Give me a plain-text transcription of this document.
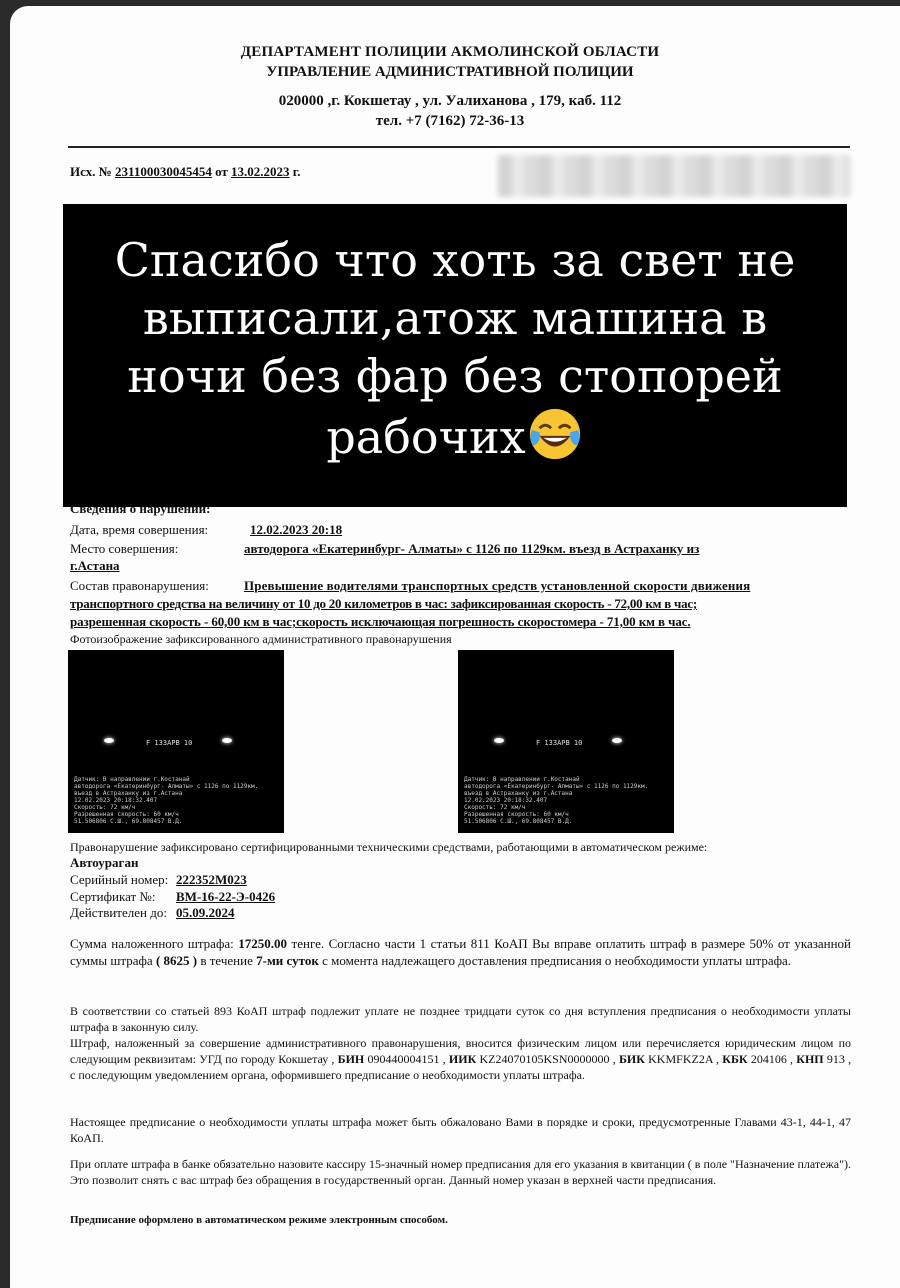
ДЕПАРТАМЕНТ ПОЛИЦИИ АКМОЛИНСКОЙ ОБЛАСТИ
УПРАВЛЕНИЕ АДМИНИСТРАТИВНОЙ ПОЛИЦИИ
020000 ,г. Кокшетау , ул. Уалиханова , 179, каб. 112
тел. +7 (7162) 72-36-13
Исх. № 231100030045454 от 13.02.2023 г.
Спасибо что хоть за свет не
выписали,атож машина в
ночи без фар без стопорей
рабочих
Сведения о нарушении:
Дата, время совершения:	12.02.2023 20:18
Место совершения:	автодорога «Екатеринбург- Алматы» с 1126 по 1129км. въезд в Астраханку из
г.Астана
Состав правонарушения:	Превышение водителями транспортных средств установленной скорости движения
транспортного средства на величину от 10 до 20 километров в час: зафиксированная скорость - 72,00 км в час;
разрешенная скорость - 60,00 км в час;скорость исключающая погрешность скоростомера - 71,00 км в час.
Фотоизображение зафиксированного административного правонарушения
F 133APB 10
Датчик: В направлении г.Костанай
автодорога «Екатеринбург- Алматы» с 1126 по 1129км.
въезд в Астраханку из г.Астана
12.02.2023 20:18:32.407
Скорость: 72 км/ч
Разрешенная скорость: 60 км/ч
51.506806 С.Ш., 69.808457 В.Д.
F 133APB 10
Датчик: В направлении г.Костанай
автодорога «Екатеринбург- Алматы» с 1126 по 1129км.
въезд в Астраханку из г.Астана
12.02.2023 20:18:32.407
Скорость: 72 км/ч
Разрешенная скорость: 60 км/ч
51.506806 С.Ш., 69.808457 В.Д.
Правонарушение зафиксировано сертифицированными техническими средствами, работающими в автоматическом режиме:
Автоураган
Серийный номер: 222352М023
Сертификат №: ВМ-16-22-Э-0426
Действителен до: 05.09.2024
Сумма наложенного штрафа: 17250.00 тенге. Согласно части 1 статьи 811 КоАП Вы вправе оплатить штраф в размере 50% от указанной суммы штрафа ( 8625 ) в течение 7-ми суток с момента надлежащего доставления предписания о необходимости уплаты штрафа.
В соответствии со статьей 893 КоАП штраф подлежит уплате не позднее тридцати суток со дня вступления предписания о необходимости уплаты штрафа в законную силу.
Штраф, наложенный за совершение административного правонарушения, вносится физическим лицом или перечисляется юридическим лицом по следующим реквизитам: УГД по городу Кокшетау , БИН 090440004151 , ИИК KZ24070105KSN0000000 , БИК KKMFKZ2A , КБК 204106 , КНП 913 , с последующим уведомлением органа, оформившего предписание о необходимости уплаты штрафа.
Настоящее предписание о необходимости уплаты штрафа может быть обжаловано Вами в порядке и сроки, предусмотренные Главами 43-1, 44-1, 47 КоАП.
При оплате штрафа в банке обязательно назовите кассиру 15-значный номер предписания для его указания в квитанции ( в поле "Назначение платежа"). Это позволит снять с вас штраф без обращения в государственный орган. Данный номер указан в верхней части предписания.
Предписание оформлено в автоматическом режиме электронным способом.
